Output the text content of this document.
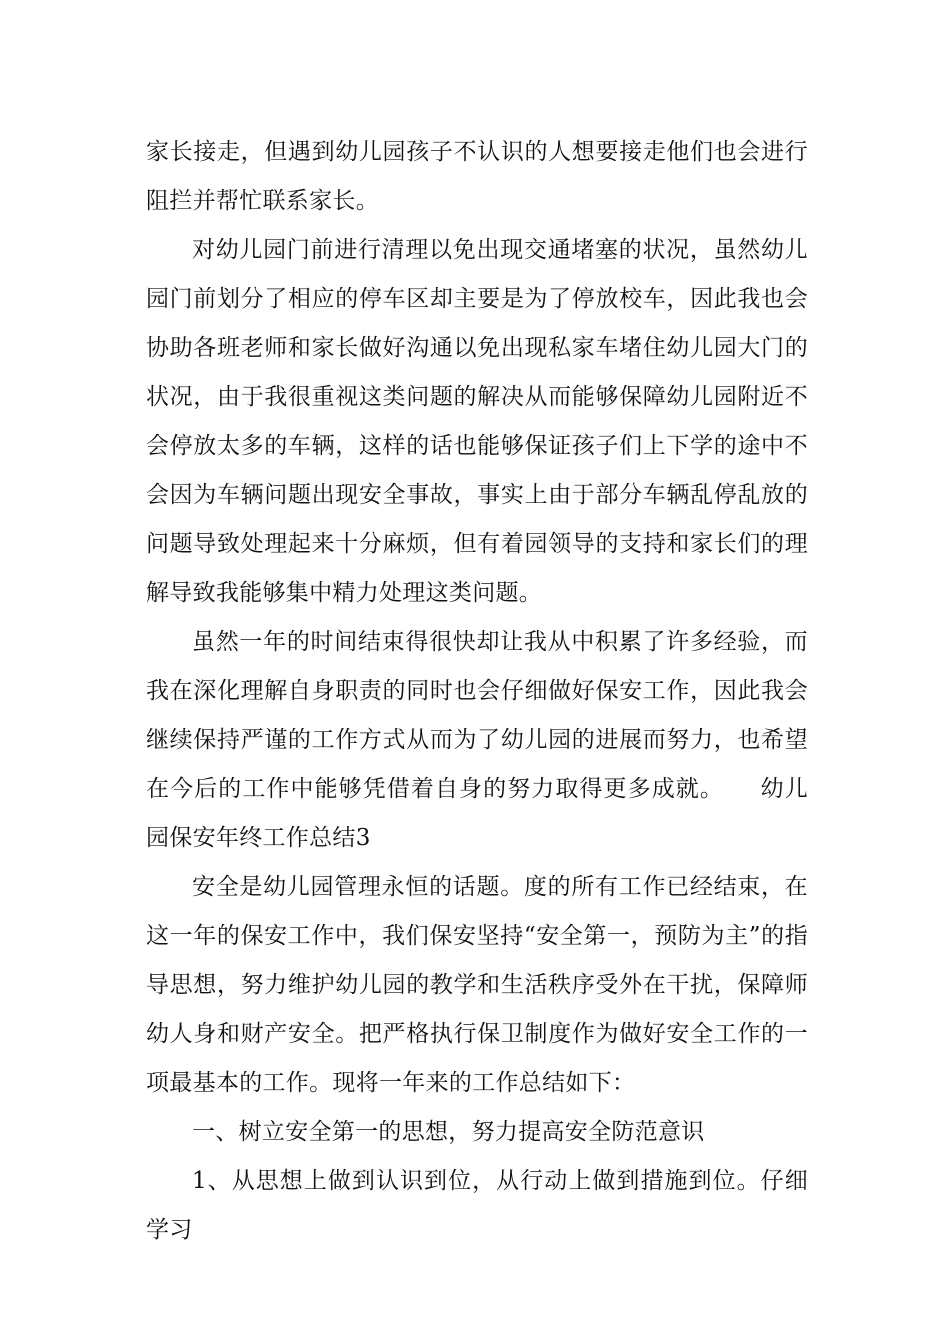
家长接走，但遇到幼儿园孩子不认识的人想要接走他们也会进行阻拦并帮忙联系家长。

对幼儿园门前进行清理以免出现交通堵塞的状况，虽然幼儿园门前划分了相应的停车区却主要是为了停放校车，因此我也会协助各班老师和家长做好沟通以免出现私家车堵住幼儿园大门的状况，由于我很重视这类问题的解决从而能够保障幼儿园附近不会停放太多的车辆，这样的话也能够保证孩子们上下学的途中不会因为车辆问题出现安全事故，事实上由于部分车辆乱停乱放的问题导致处理起来十分麻烦，但有着园领导的支持和家长们的理解导致我能够集中精力处理这类问题。

虽然一年的时间结束得很快却让我从中积累了许多经验，而我在深化理解自身职责的同时也会仔细做好保安工作，因此我会继续保持严谨的工作方式从而为了幼儿园的进展而努力，也希望在今后的工作中能够凭借着自身的努力取得更多成就。　　幼儿园保安年终工作总结3

安全是幼儿园管理永恒的话题。度的所有工作已经结束，在这一年的保安工作中，我们保安坚持“安全第一，预防为主”的指导思想，努力维护幼儿园的教学和生活秩序受外在干扰，保障师幼人身和财产安全。把严格执行保卫制度作为做好安全工作的一项最基本的工作。现将一年来的工作总结如下：

一、树立安全第一的思想，努力提高安全防范意识

1、从思想上做到认识到位，从行动上做到措施到位。仔细学习
